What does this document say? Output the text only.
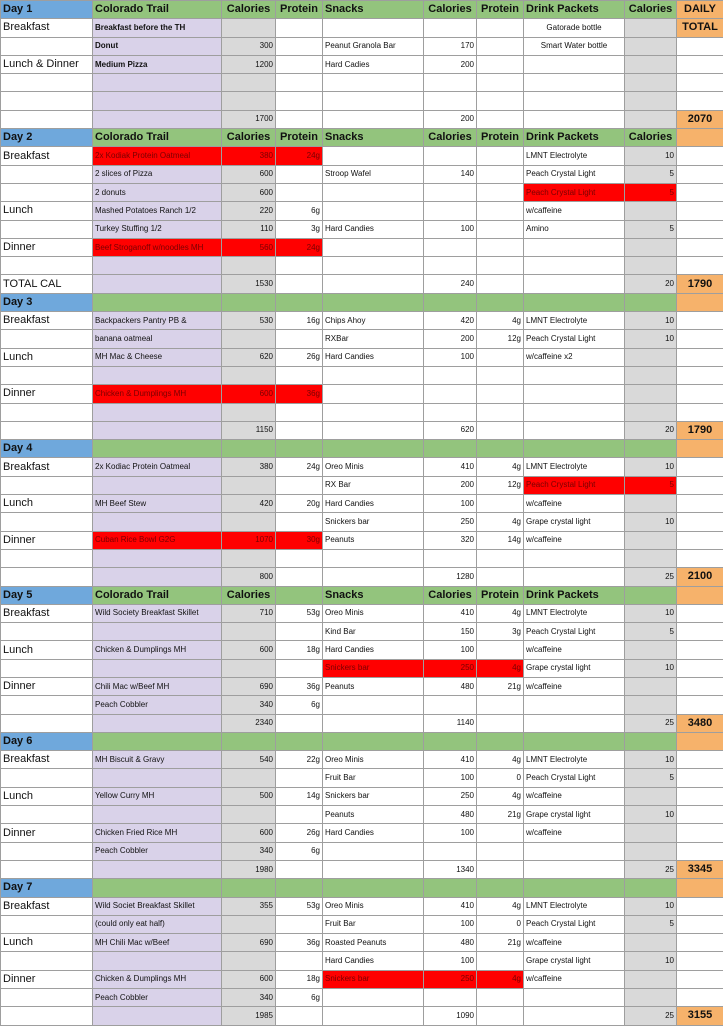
Day 1	Colorado Trail	Calories	Protein	Snacks	Calories	Protein	Drink Packets	Calories	DAILY
Breakfast	Breakfast before the TH						Gatorade bottle		TOTAL
	Donut	300		Peanut Granola Bar	170		Smart Water bottle		
Lunch & Dinner	Medium Pizza	1200		Hard Cadies	200				

		1700			200				2070
Day 2	Colorado Trail	Calories	Protein	Snacks	Calories	Protein	Drink Packets	Calories	
Breakfast	2x Kodiak Protein Oatmeal	380	24g				LMNT Electrolyte	10	
	2 slices of Pizza	600		Stroop Wafel	140		Peach Crystal Light	5	
	2 donuts	600					Peach Crystal Light	5	
Lunch	Mashed Potatoes Ranch 1/2	220	6g				w/caffeine		
	Turkey Stuffing 1/2	110	3g	Hard Candies	100		Amino	5	
Dinner	Beef Stroganoff w/noodles MH	560	24g						

TOTAL CAL		1530			240			20	1790
Day 3									
Breakfast	Backpackers Pantry PB &	530	16g	Chips Ahoy	420	4g	LMNT Electrolyte	10	
	banana oatmeal			RXBar	200	12g	Peach Crystal Light	10	
Lunch	MH Mac & Cheese	620	26g	Hard Candies	100		w/caffeine x2		

Dinner	Chicken & Dumplings MH	600	36g						

		1150			620			20	1790
Day 4									
Breakfast	2x Kodiac Protein Oatmeal	380	24g	Oreo Minis	410	4g	LMNT Electrolyte	10	
				RX Bar	200	12g	Peach Crystal Light	5	
Lunch	MH Beef Stew	420	20g	Hard Candies	100		w/caffeine		
				Snickers bar	250	4g	Grape crystal light	10	
Dinner	Cuban Rice Bowl G2G	1070	30g	Peanuts	320	14g	w/caffeine		

		800			1280			25	2100
Day 5	Colorado Trail	Calories		Snacks	Calories	Protein	Drink Packets		
Breakfast	Wild Society Breakfast Skillet	710	53g	Oreo Minis	410	4g	LMNT Electrolyte	10	
				Kind Bar	150	3g	Peach Crystal Light	5	
Lunch	Chicken & Dumplings MH	600	18g	Hard Candies	100		w/caffeine		
				Snickers bar	250	4g	Grape crystal light	10	
Dinner	Chili Mac w/Beef MH	690	36g	Peanuts	480	21g	w/caffeine		
	Peach Cobbler	340	6g						
		2340			1140			25	3480
Day 6									
Breakfast	MH Biscuit & Gravy	540	22g	Oreo Minis	410	4g	LMNT Electrolyte	10	
				Fruit Bar	100	0	Peach Crystal Light	5	
Lunch	Yellow Curry MH	500	14g	Snickers bar	250	4g	w/caffeine		
				Peanuts	480	21g	Grape crystal light	10	
Dinner	Chicken Fried Rice MH	600	26g	Hard Candies	100		w/caffeine		
	Peach Cobbler	340	6g						
		1980			1340			25	3345
Day 7									
Breakfast	Wild Societ Breakfast Skillet	355	53g	Oreo Minis	410	4g	LMNT Electrolyte	10	
	(could only eat half)			Fruit Bar	100	0	Peach Crystal Light	5	
Lunch	MH Chili Mac w/Beef	690	36g	Roasted Peanuts	480	21g	w/caffeine		
				Hard Candies	100		Grape crystal light	10	
Dinner	Chicken & Dumplings MH	600	18g	Snickers bar	250	4g	w/caffeine		
	Peach Cobbler	340	6g						
		1985			1090			25	3155
